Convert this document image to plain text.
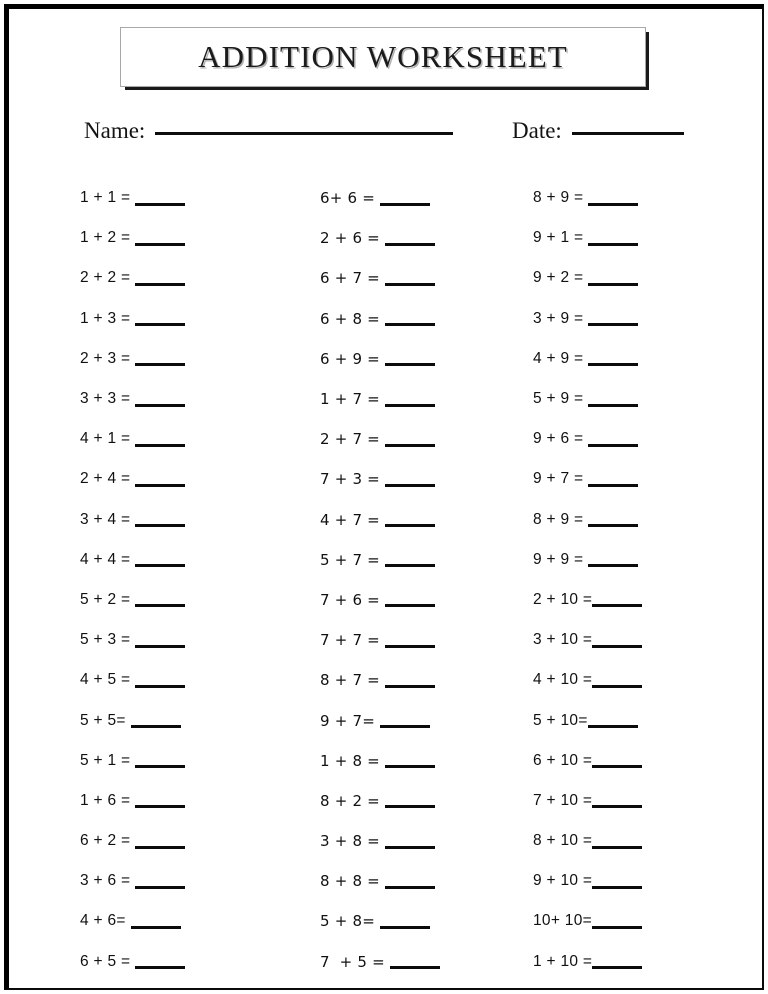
ADDITION WORKSHEET
Name:	Date:
1 + 1 =
1 + 2 =
2 + 2 =
1 + 3 =
2 + 3 =
3 + 3 =
4 + 1 =
2 + 4 =
3 + 4 =
4 + 4 =
5 + 2 =
5 + 3 =
4 + 5 =
5 + 5=
5 + 1 =
1 + 6 =
6 + 2 =
3 + 6 =
4 + 6=
6 + 5 =
6+ 6 =
2 + 6 =
6 + 7 =
6 + 8 =
6 + 9 =
1 + 7 =
2 + 7 =
7 + 3 =
4 + 7 =
5 + 7 =
7 + 6 =
7 + 7 =
8 + 7 =
9 + 7=
1 + 8 =
8 + 2 =
3 + 8 =
8 + 8 =
5 + 8=
7  + 5 =
8 + 9 =
9 + 1 =
9 + 2 =
3 + 9 =
4 + 9 =
5 + 9 =
9 + 6 =
9 + 7 =
8 + 9 =
9 + 9 =
2 + 10 =
3 + 10 =
4 + 10 =
5 + 10=
6 + 10 =
7 + 10 =
8 + 10 =
9 + 10 =
10+ 10=
1 + 10 =
